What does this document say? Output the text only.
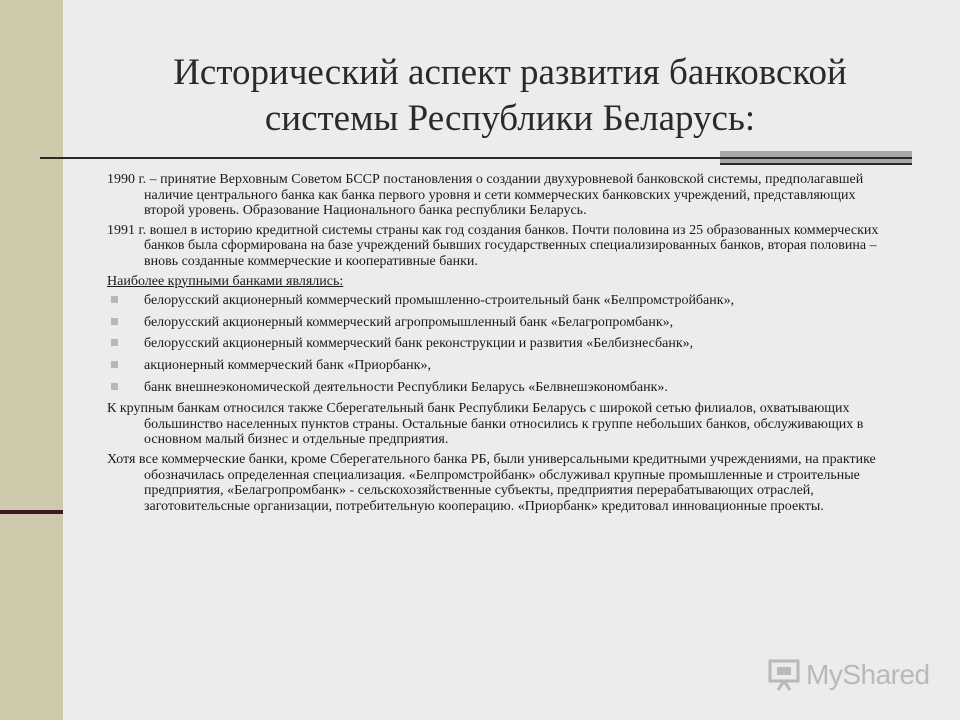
Исторический аспект развития банковской
системы Республики Беларусь:

1990 г. – принятие Верховным Советом БССР постановления о создании двухуровневой банковской системы, предполагавшей наличие центрального банка как банка первого уровня и сети коммерческих банковских учреждений, представляющих второй уровень. Образование Национального банка республики Беларусь.

1991 г. вошел в историю кредитной системы страны как год создания банков. Почти половина из 25 образованных коммерческих банков была сформирована на базе учреждений бывших государственных специализированных банков, вторая половина – вновь созданные коммерческие и кооперативные банки.

Наиболее крупными банками являлись:

белорусский акционерный коммерческий промышленно-строительный банк «Белпромстройбанк»,
белорусский акционерный коммерческий агропромышленный банк «Белагропромбанк»,
белорусский акционерный коммерческий банк реконструкции и развития «Белбизнесбанк»,
акционерный коммерческий банк «Приорбанк»,
банк внешнеэкономической деятельности Республики Беларусь «Белвнешэкономбанк».

К крупным банкам относился также Сберегательный банк Республики Беларусь с широкой сетью филиалов, охватывающих большинство населенных пунктов страны. Остальные банки относились к группе небольших банков, обслуживающих в основном малый бизнес и отдельные предприятия.

Хотя все коммерческие банки, кроме Сберегательного банка РБ, были универсальными кредитными учреждениями, на практике обозначилась определенная специализация. «Белпромстройбанк» обслуживал крупные промышленные и строительные предприятия, «Белагропромбанк» - сельскохозяйственные субъекты, предприятия перерабатывающих отраслей, заготовительсные организации, потребительную кооперацию. «Приорбанк» кредитовал инновационные проекты.

MyShared
